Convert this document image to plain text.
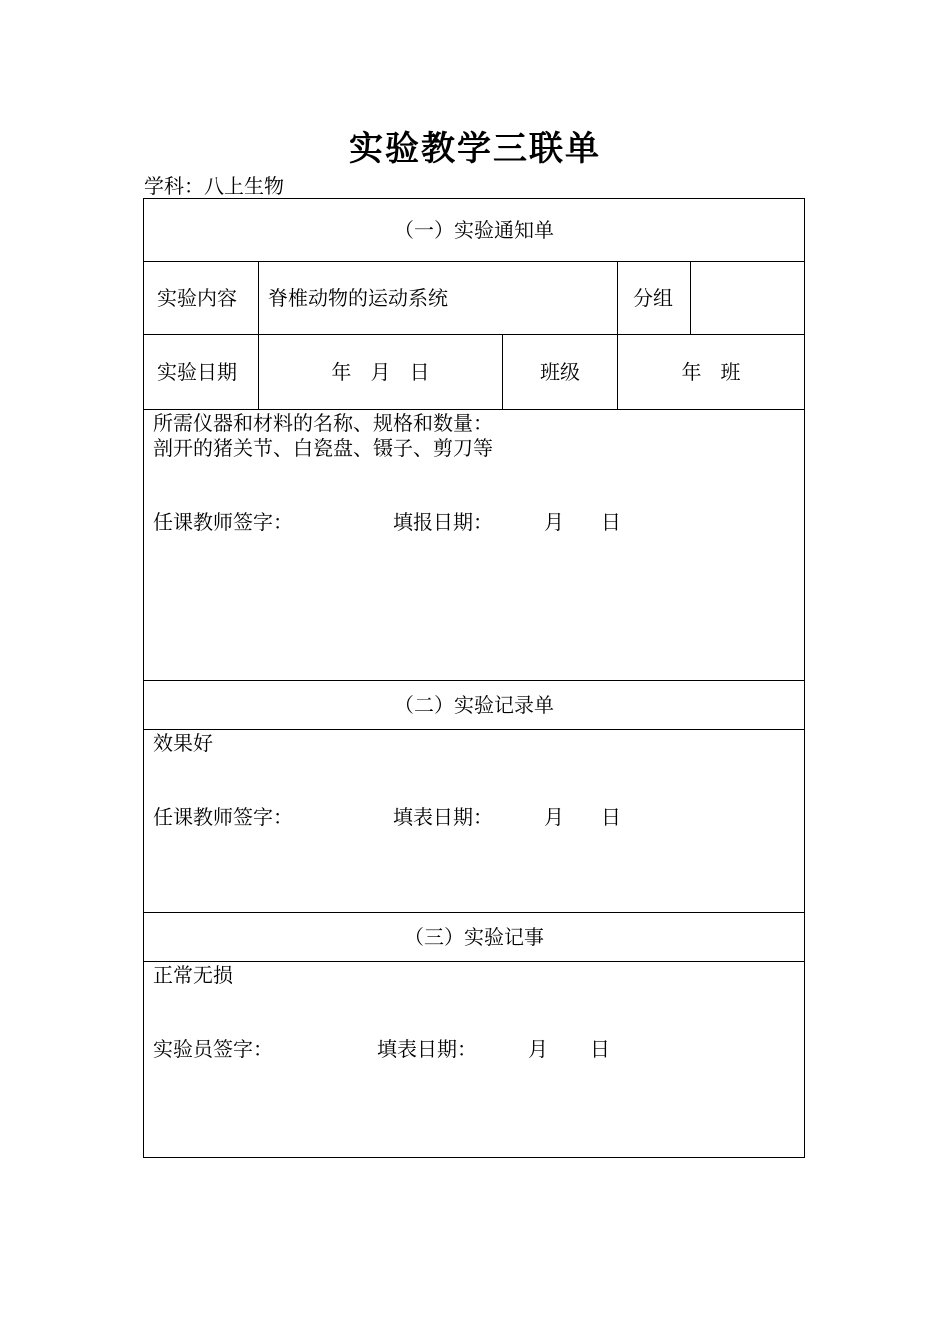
实验教学三联单
学科：八上生物
（一）实验通知单
实验内容 脊椎动物的运动系统	分组
实验日期	年   月   日	班级	年   班
所需仪器和材料的名称、规格和数量：
剖开的猪关节、白瓷盘、镊子、剪刀等
任课教师签字：	填报日期：	月 日
（二）实验记录单
效果好
任课教师签字：	填表日期：	月 日
（三）实验记事
正常无损
实验员签字：	填表日期：	月 日
